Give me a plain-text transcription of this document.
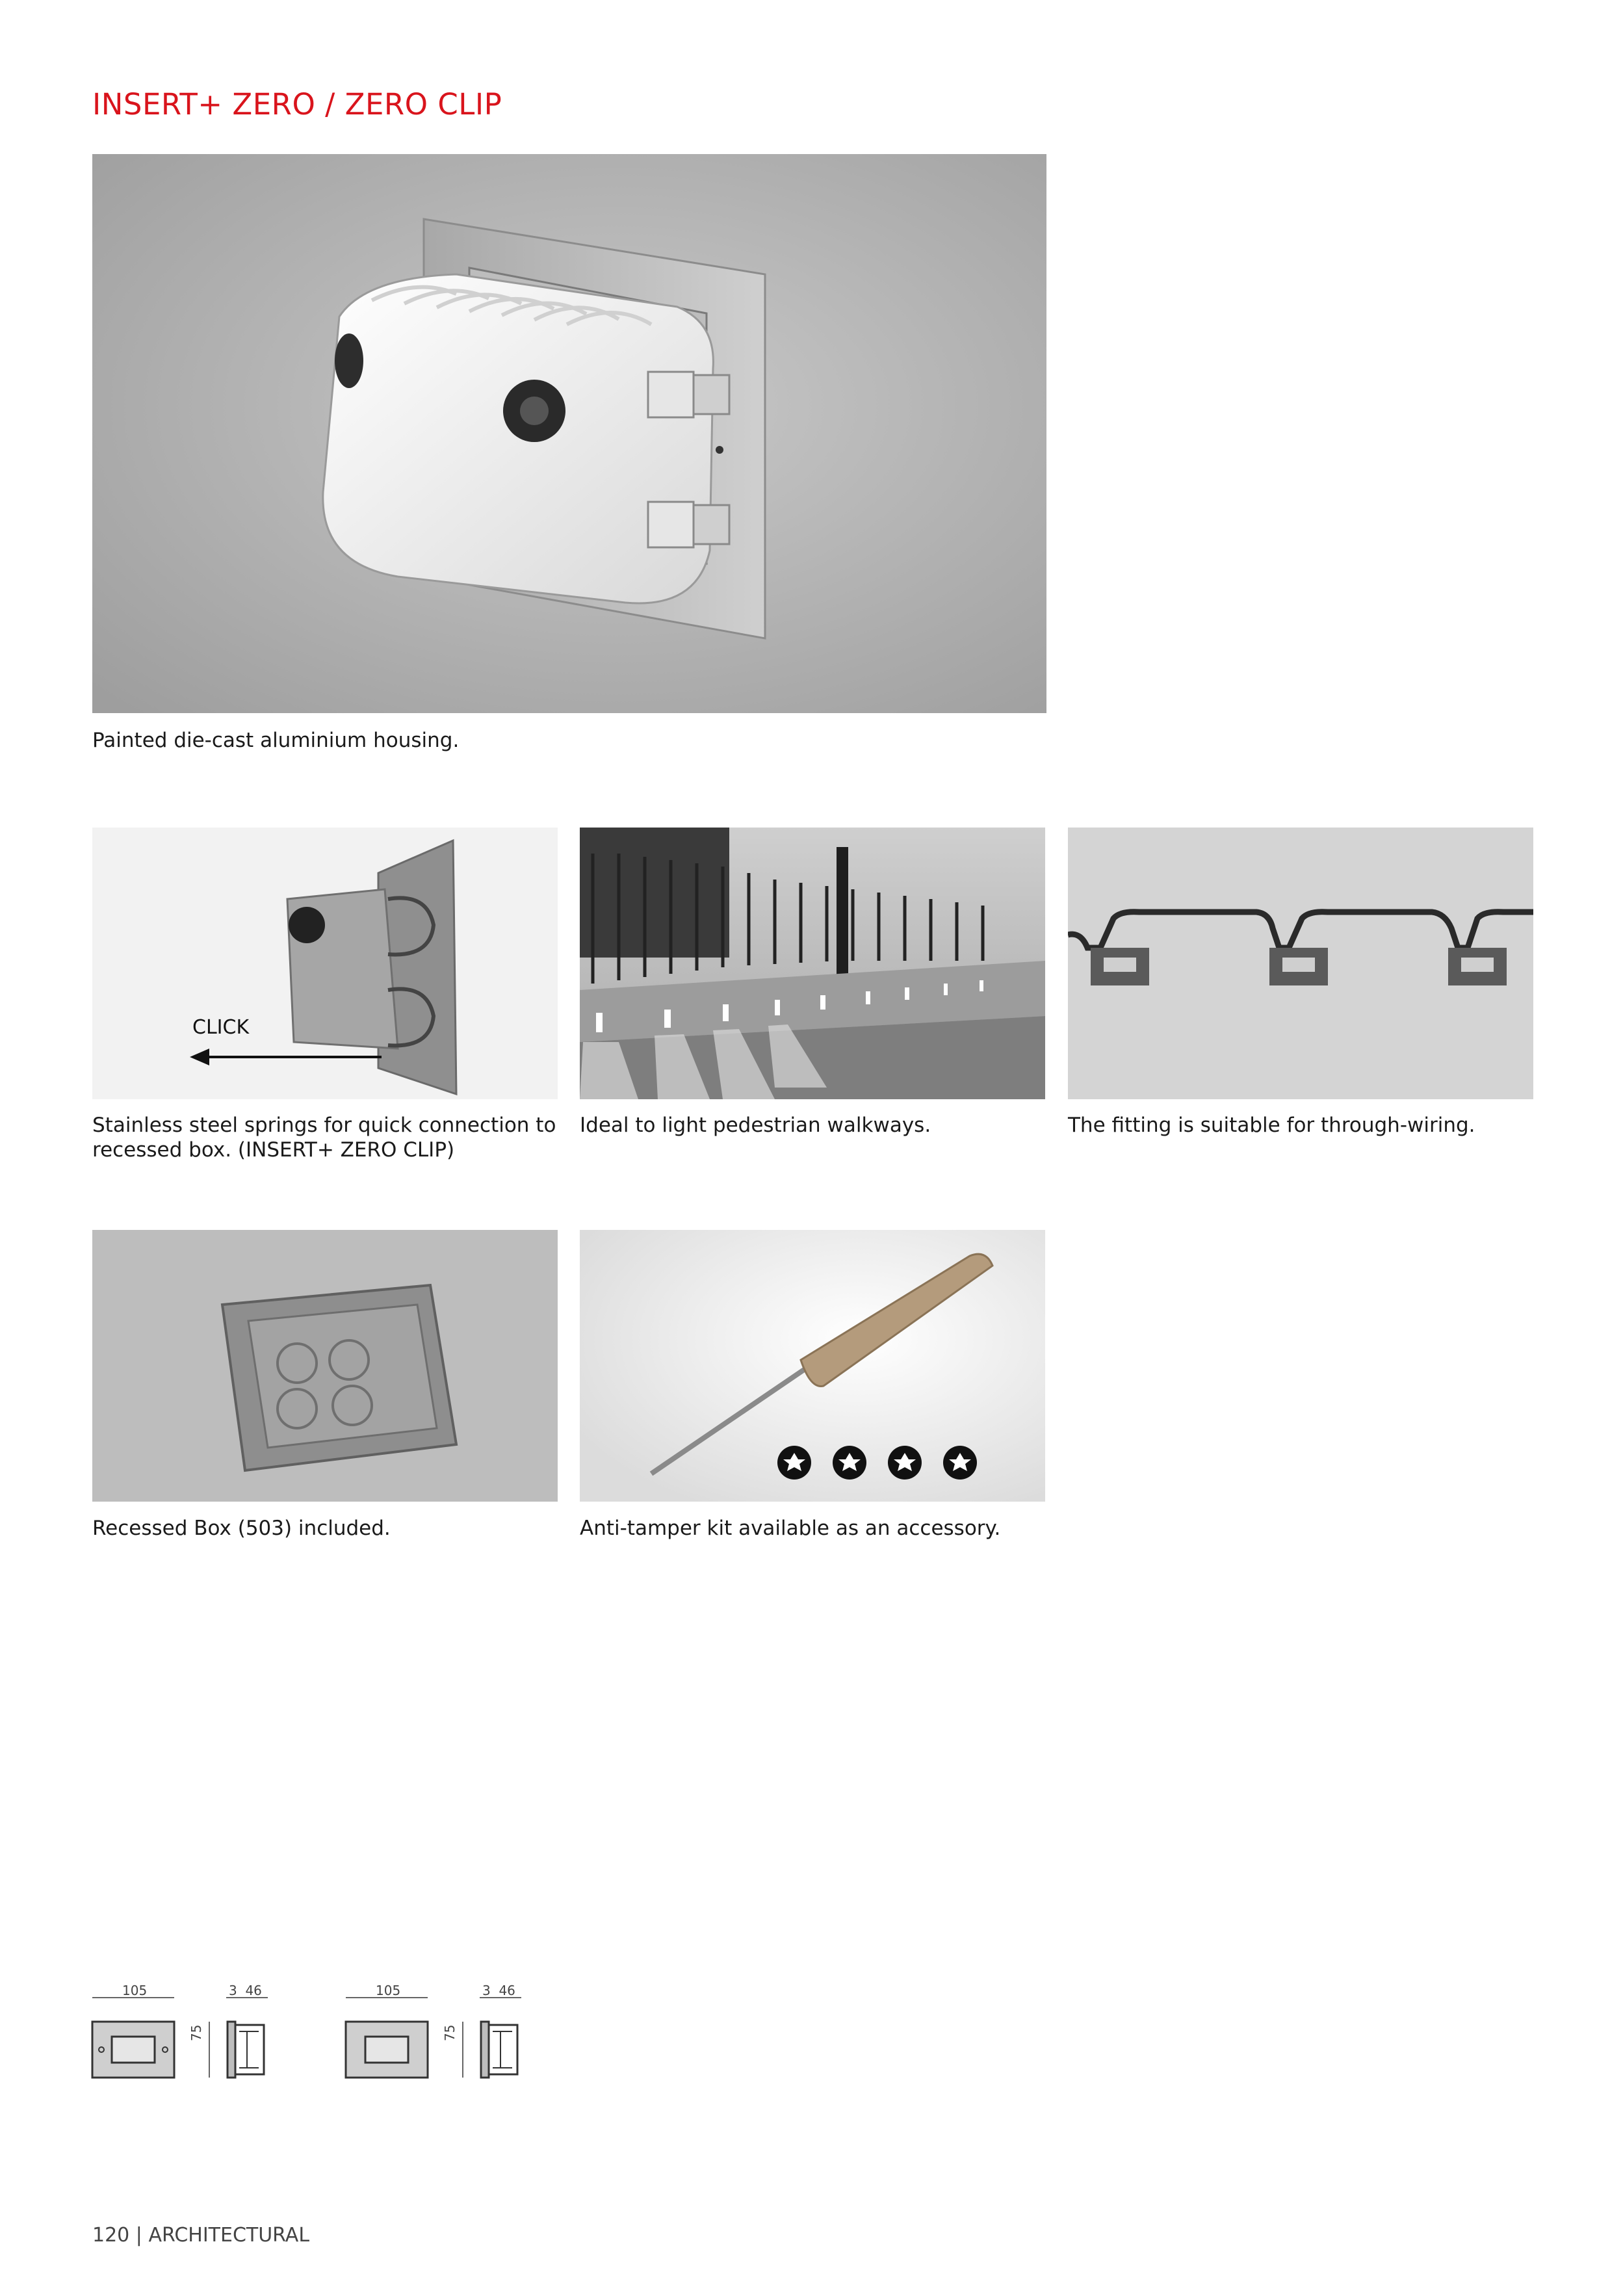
INSERT+ ZERO / ZERO CLIP
Painted die-cast aluminium housing.
CLICK
Stainless steel springs for quick connection to recessed box. (INSERT+ ZERO CLIP)
Ideal to light pedestrian walkways.	The fitting is suitable for through-wiring.
Recessed Box (503) included.	Anti-tamper kit available as an accessory.
105	3  46
75
105	3  46
75
120 | ARCHITECTURAL
